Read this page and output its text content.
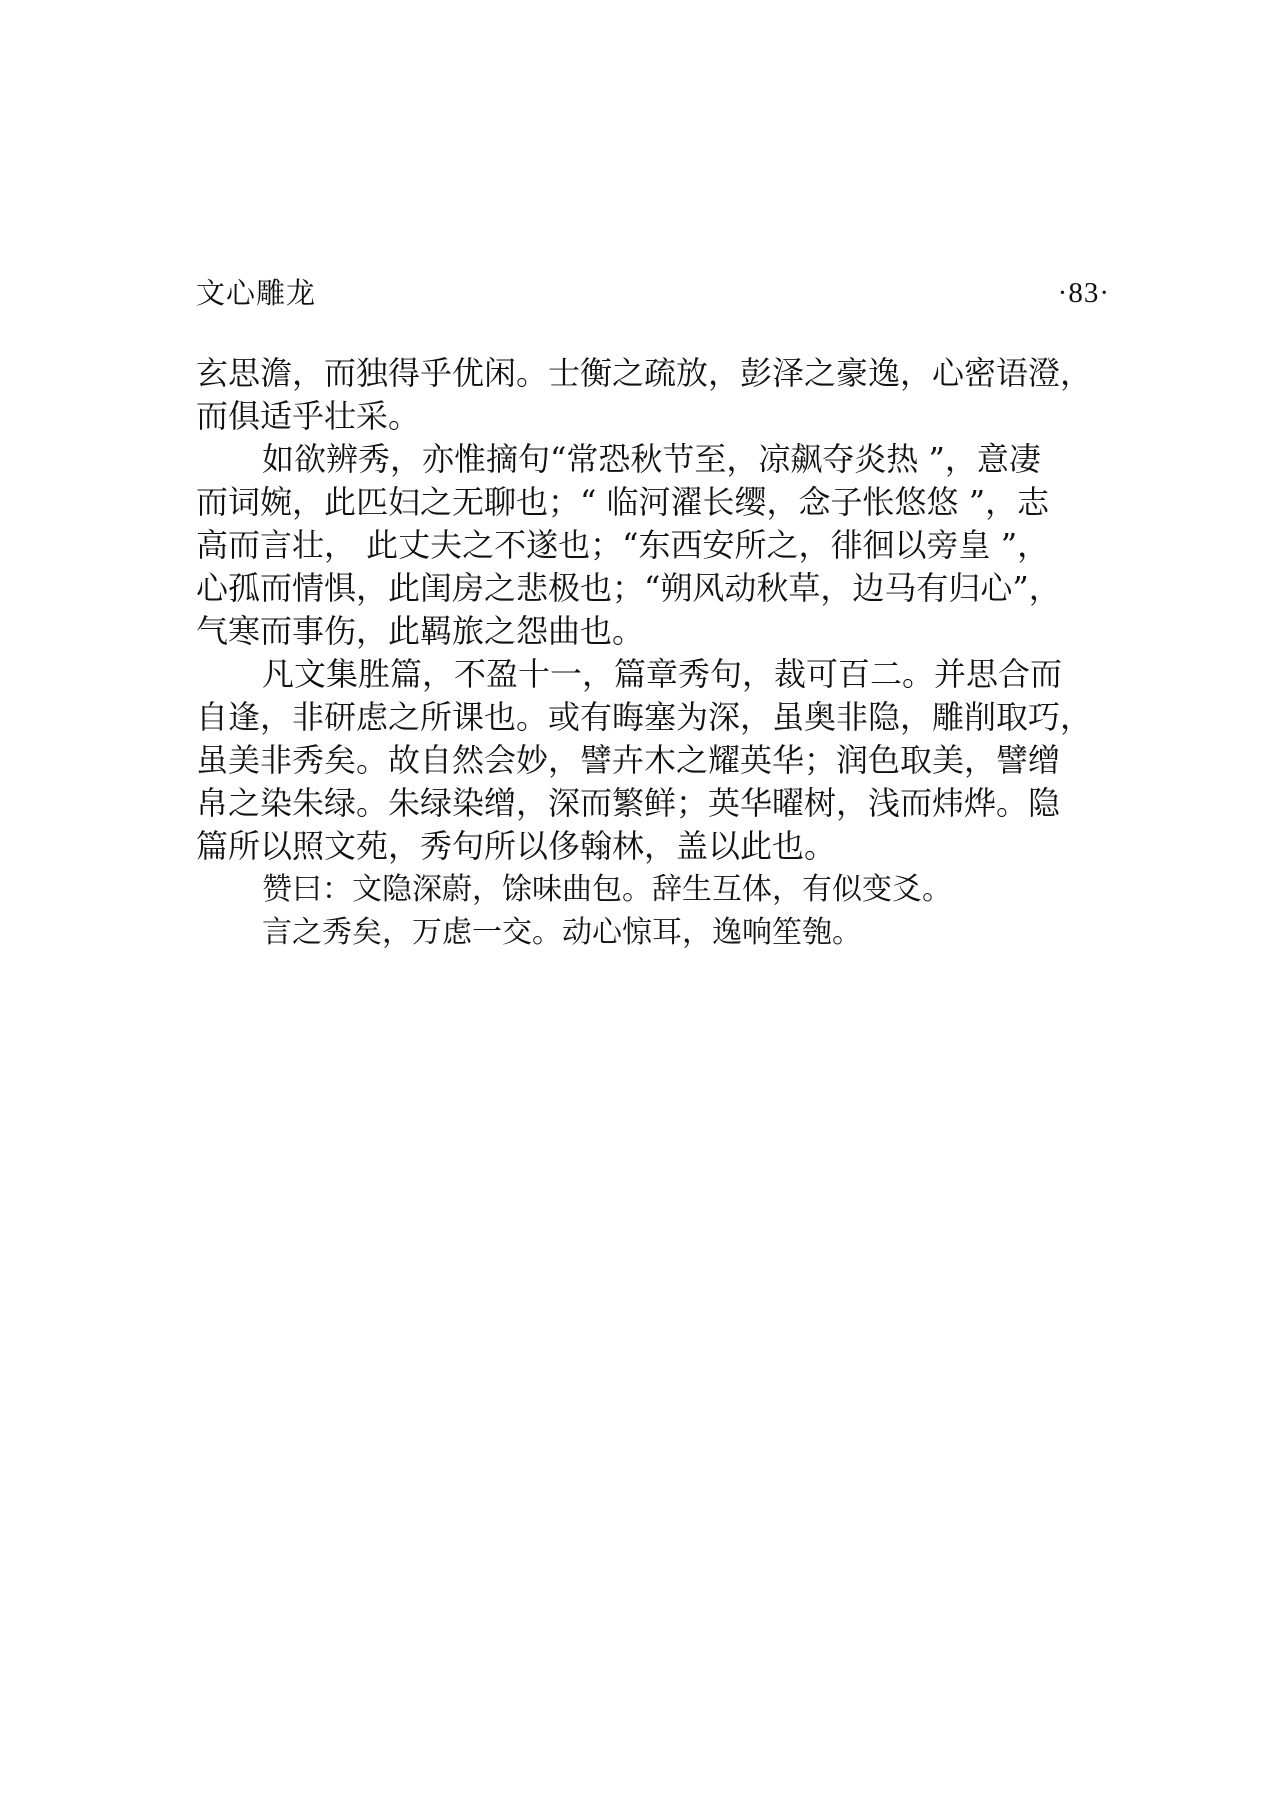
文心雕龙	·83·
玄思澹，而独得乎优闲。士衡之疏放，彭泽之豪逸，心密语澄，
而俱适乎壮采。
如欲辨秀，亦惟摘句“常恐秋节至，凉飙夺炎热 ”，意凄
而词婉，此匹妇之无聊也；“ 临河濯长缨，念子怅悠悠 ”，志
高而言壮， 此丈夫之不遂也；“东西安所之，徘徊以旁皇 ”，
心孤而情惧，此闺房之悲极也；“朔风动秋草，边马有归心”，
气寒而事伤，此羁旅之怨曲也。
凡文集胜篇，不盈十一，篇章秀句，裁可百二。并思合而
自逢，非研虑之所课也。或有晦塞为深，虽奥非隐，雕削取巧，
虽美非秀矣。故自然会妙，譬卉木之耀英华；润色取美，譬缯
帛之染朱绿。朱绿染缯，深而繁鲜；英华曜树，浅而炜烨。隐
篇所以照文苑，秀句所以侈翰林，盖以此也。
赞曰：文隐深蔚，馀味曲包。辞生互体，有似变爻。
言之秀矣，万虑一交。动心惊耳，逸响笙匏。
